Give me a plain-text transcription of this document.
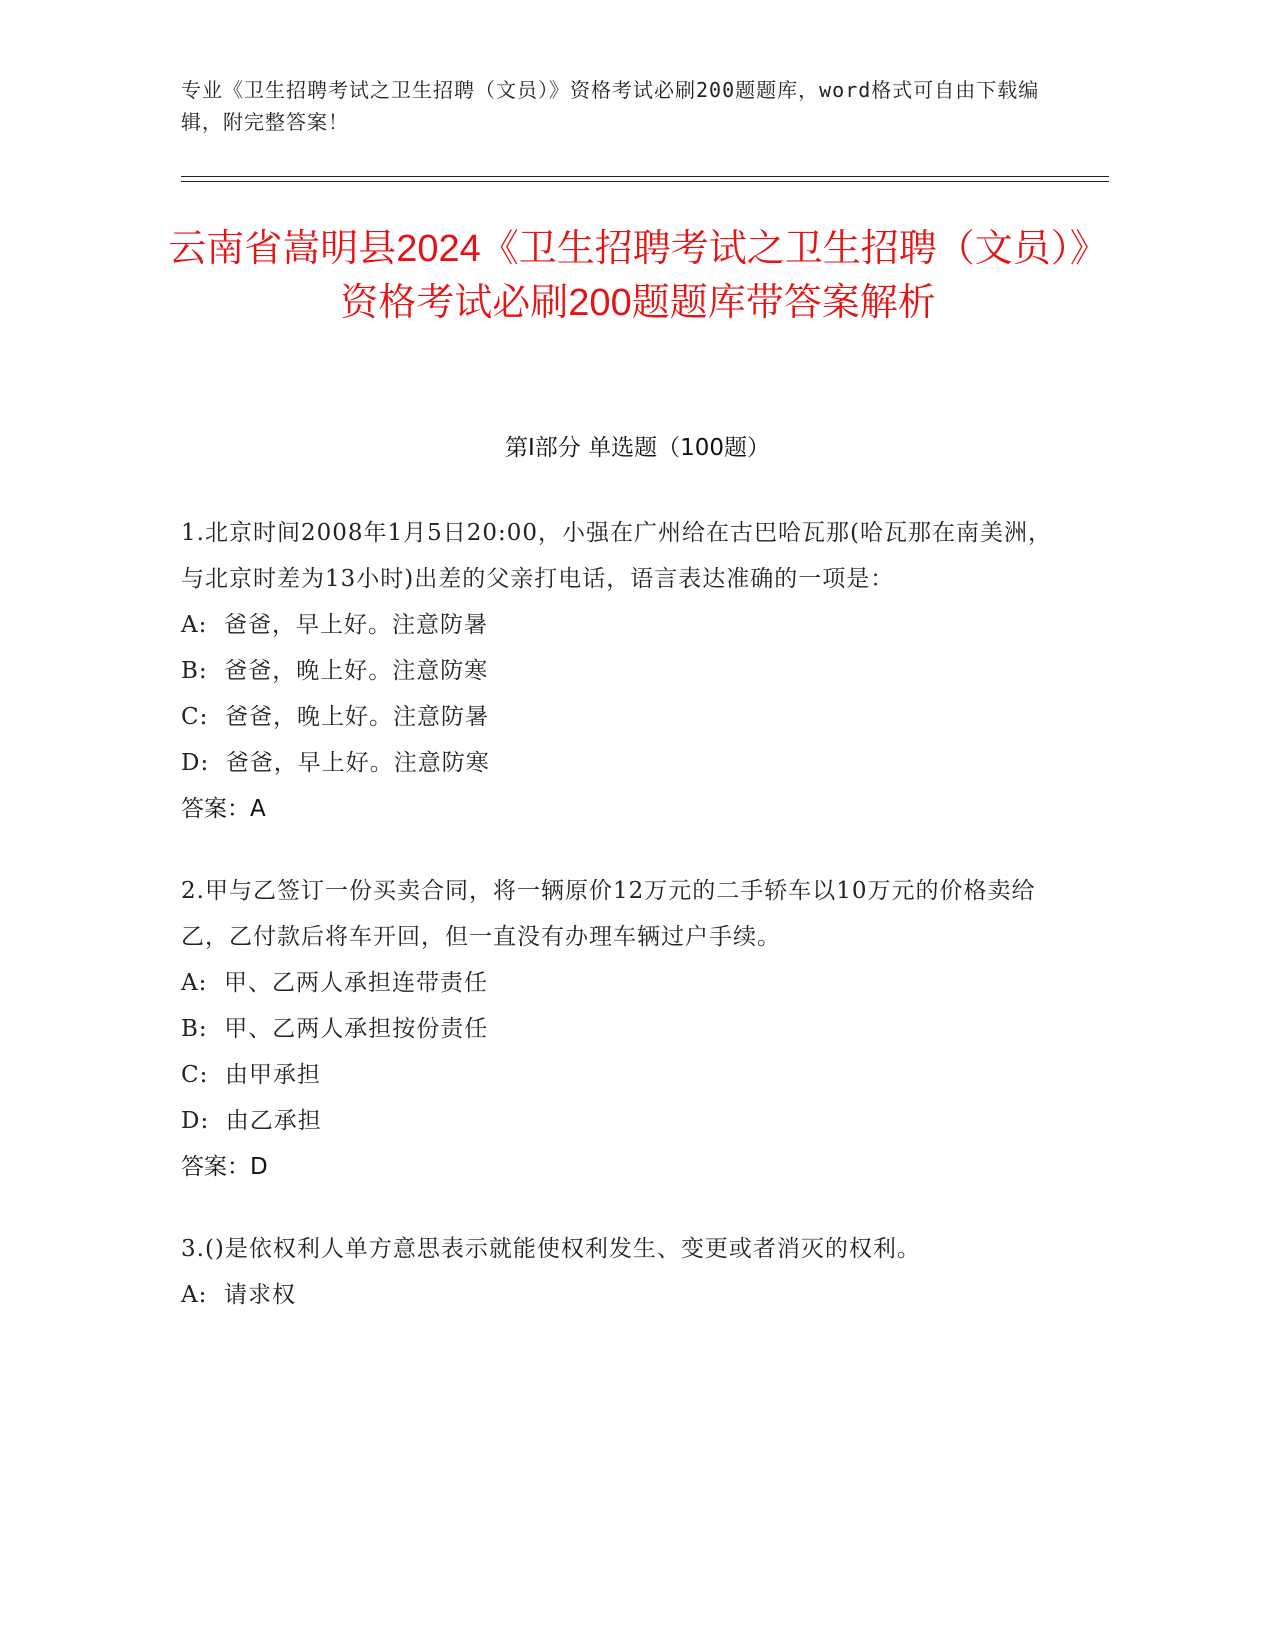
专业《卫生招聘考试之卫生招聘（文员）》资格考试必刷200题题库，word格式可自由下载编辑，附完整答案！
云南省嵩明县2024《卫生招聘考试之卫生招聘（文员）》资格考试必刷200题题库带答案解析
第I部分 单选题（100题）
1.北京时间2008年1月5日20:00，小强在广州给在古巴哈瓦那(哈瓦那在南美洲，与北京时差为13小时)出差的父亲打电话，语言表达准确的一项是：
A:  爸爸，早上好。注意防暑
B:  爸爸，晚上好。注意防寒
C:  爸爸，晚上好。注意防暑
D:  爸爸，早上好。注意防寒
答案：A
2.甲与乙签订一份买卖合同，将一辆原价12万元的二手轿车以10万元的价格卖给乙，乙付款后将车开回，但一直没有办理车辆过户手续。
A:  甲、乙两人承担连带责任
B:  甲、乙两人承担按份责任
C:  由甲承担
D:  由乙承担
答案：D
3.()是依权利人单方意思表示就能使权利发生、变更或者消灭的权利。
A:  请求权
